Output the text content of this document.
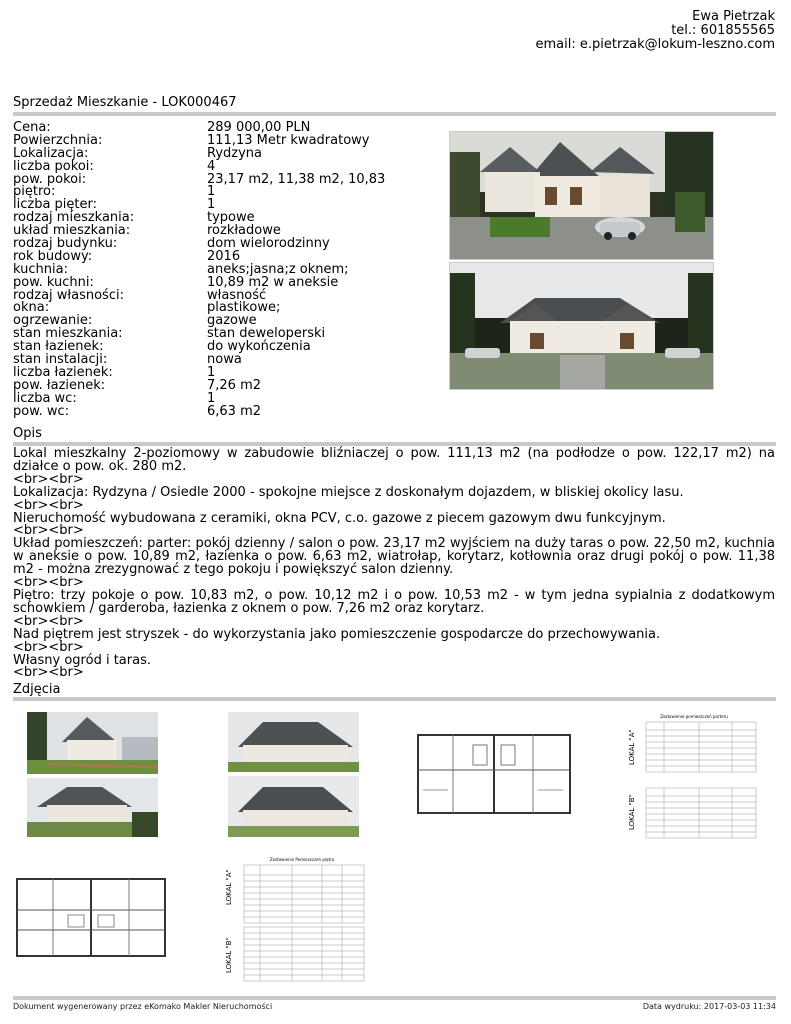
Ewa Pietrzak
tel.: 601855565
email: e.pietrzak@lokum-leszno.com
Sprzedaż Mieszkanie - LOK000467
Cena:	289 000,00 PLN
Powierzchnia:	111,13 Metr kwadratowy
Lokalizacja:	Rydzyna
liczba pokoi:	4
pow. pokoi:	23,17 m2, 11,38 m2, 10,83
piętro:	1
liczba pięter:	1
rodzaj mieszkania:	typowe
układ mieszkania:	rozkładowe
rodzaj budynku:	dom wielorodzinny
rok budowy:	2016
kuchnia:	aneks;jasna;z oknem;
pow. kuchni:	10,89 m2 w aneksie
rodzaj własności:	własność
okna:	plastikowe;
ogrzewanie:	gazowe
stan mieszkania:	stan deweloperski
stan łazienek:	do wykończenia
stan instalacji:	nowa
liczba łazienek:	1
pow. łazienek:	7,26 m2
liczba wc:	1
pow. wc:	6,63 m2
Opis

Lokal mieszkalny 2-poziomowy w zabudowie bliźniaczej o pow. 111,13 m2 (na podłodze o pow. 122,17 m2) na działce o pow. ok. 280 m2.

<br><br>

Lokalizacja: Rydzyna / Osiedle 2000 - spokojne miejsce z doskonałym dojazdem, w bliskiej okolicy lasu.

<br><br>

Nieruchomość wybudowana z ceramiki, okna PCV, c.o. gazowe z piecem gazowym dwu funkcyjnym.

<br><br>

Układ pomieszczeń: parter: pokój dzienny / salon o pow. 23,17 m2 wyjściem na duży taras o pow. 22,50 m2, kuchnia w aneksie o pow. 10,89 m2, łazienka o pow. 6,63 m2, wiatrołap, korytarz, kotłownia oraz drugi pokój o pow. 11,38 m2 - można zrezygnować z tego pokoju i powiększyć salon dzienny.

<br><br>

Piętro: trzy pokoje o pow. 10,83 m2, o pow. 10,12 m2 i o pow. 10,53 m2 - w tym jedna sypialnia z dodatkowym schowkiem / garderoba, łazienka z oknem o pow. 7,26 m2 oraz korytarz.

<br><br>

Nad piętrem jest stryszek - do wykorzystania jako pomieszczenie gospodarcze do przechowywania.

<br><br>

Własny ogród i taras.

<br><br>

Zdjęcia
Zestawienie pomieszczeń parteru
LOKAL "A"
LOKAL "B"
Zestawienie Pomieszczeń piętra
LOKAL "A"
LOKAL "B"
Dokument wygenerowany przez eKomako Makler Nieruchomości	Data wydruku: 2017-03-03 11:34
